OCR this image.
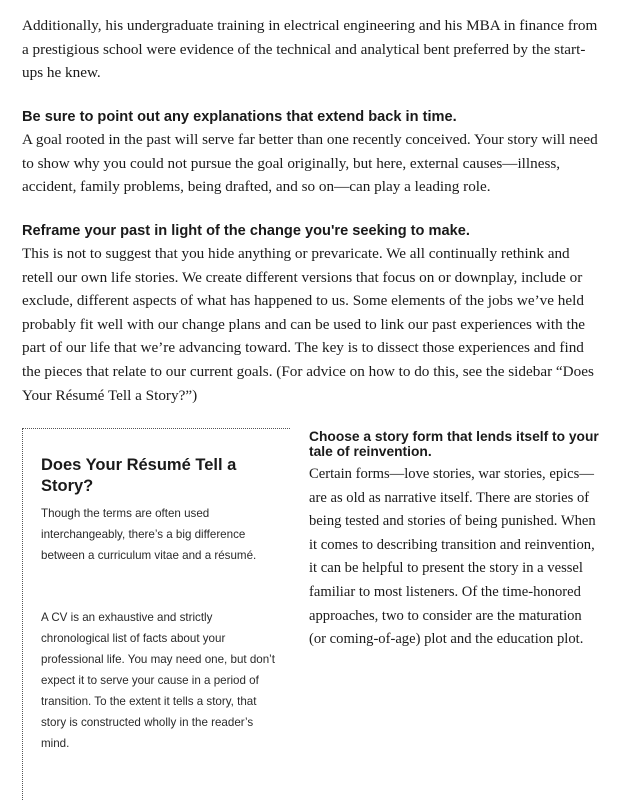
Additionally, his undergraduate training in electrical engineering and his MBA in finance from a prestigious school were evidence of the technical and analytical bent preferred by the start-ups he knew.

Be sure to point out any explanations that extend back in time.

A goal rooted in the past will serve far better than one recently conceived. Your story will need to show why you could not pursue the goal originally, but here, external causes—illness, accident, family problems, being drafted, and so on—can play a leading role.

Reframe your past in light of the change you're seeking to make.

This is not to suggest that you hide anything or prevaricate. We all continually rethink and retell our own life stories. We create different versions that focus on or downplay, include or exclude, different aspects of what has happened to us. Some elements of the jobs we’ve held probably fit well with our change plans and can be used to link our past experiences with the part of our life that we’re advancing toward. The key is to dissect those experiences and find the pieces that relate to our current goals. (For advice on how to do this, see the sidebar “Does Your Résumé Tell a Story?”)

Does Your Résumé Tell a Story?

Though the terms are often used interchangeably, there’s a big difference between a curriculum vitae and a résumé.

A CV is an exhaustive and strictly chronological list of facts about your professional life. You may need one, but don’t expect it to serve your cause in a period of transition. To the extent it tells a story, that story is constructed wholly in the reader’s mind.

Choose a story form that lends itself to your tale of reinvention.

Certain forms—love stories, war stories, epics—are as old as narrative itself. There are stories of being tested and stories of being punished. When it comes to describing transition and reinvention, it can be helpful to present the story in a vessel familiar to most listeners. Of the time-honored approaches, two to consider are the maturation (or coming-of-age) plot and the education plot.
